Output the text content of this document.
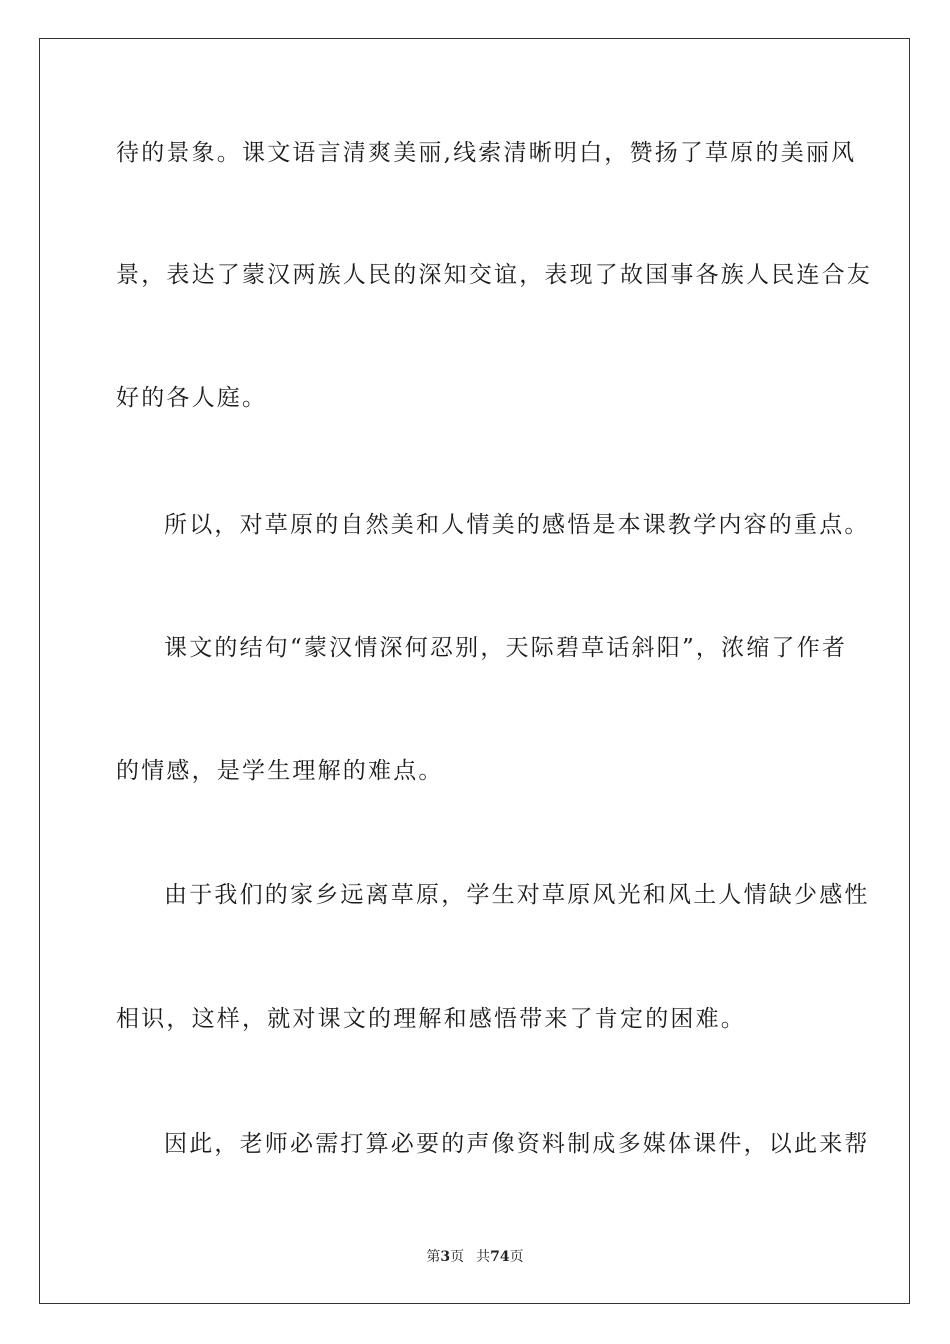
待的景象。课文语言清爽美丽,线索清晰明白，赞扬了草原的美丽风
景，表达了蒙汉两族人民的深知交谊，表现了故国事各族人民连合友
好的各人庭。
所以，对草原的自然美和人情美的感悟是本课教学内容的重点。
课文的结句“蒙汉情深何忍别，天际碧草话斜阳”，浓缩了作者
的情感，是学生理解的难点。
由于我们的家乡远离草原，学生对草原风光和风土人情缺少感性
相识，这样，就对课文的理解和感悟带来了肯定的困难。
因此，老师必需打算必要的声像资料制成多媒体课件，以此来帮
第3页 共74页
